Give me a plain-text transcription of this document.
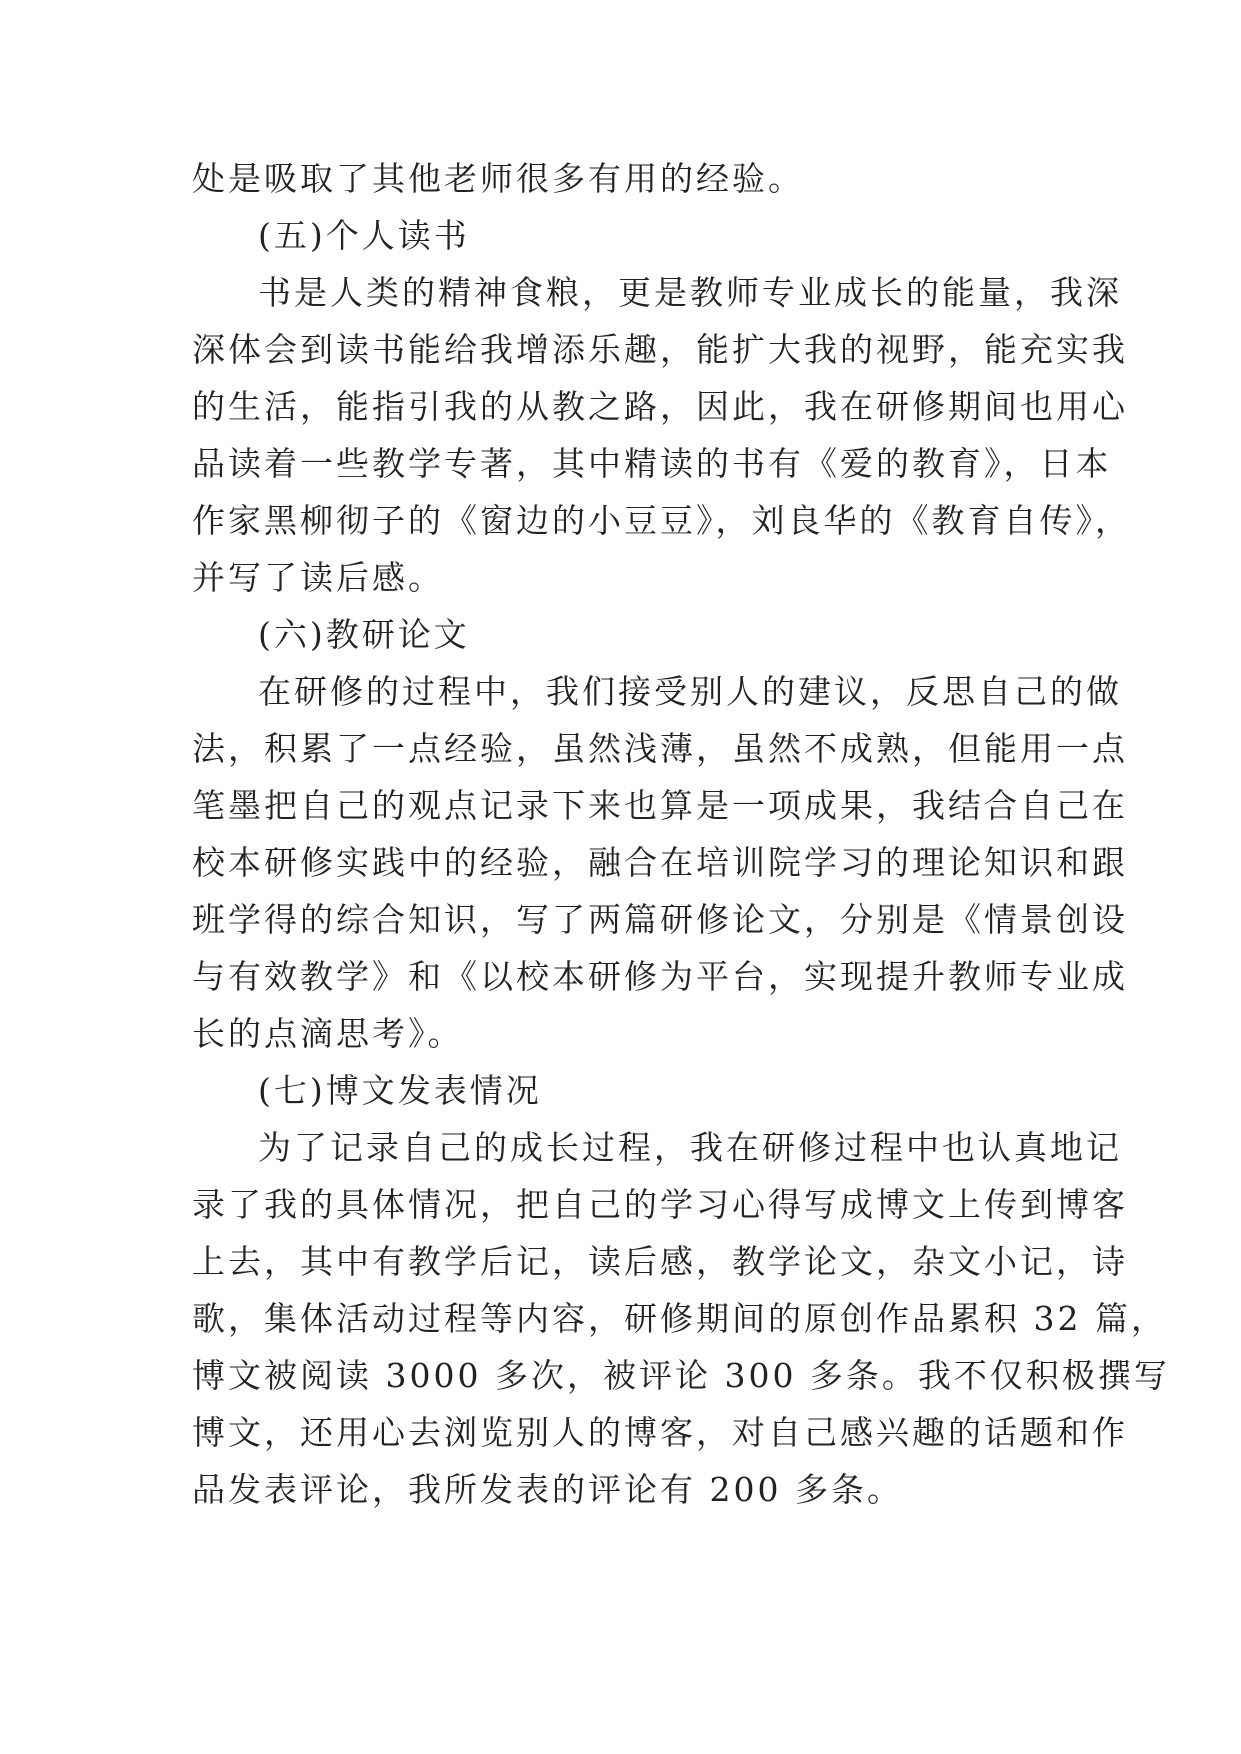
处是吸取了其他老师很多有用的经验。
(五)个人读书
书是人类的精神食粮，更是教师专业成长的能量，我深
深体会到读书能给我增添乐趣，能扩大我的视野，能充实我
的生活，能指引我的从教之路，因此，我在研修期间也用心
品读着一些教学专著，其中精读的书有《爱的教育》，日本
作家黑柳彻子的《窗边的小豆豆》，刘良华的《教育自传》，
并写了读后感。
(六)教研论文
在研修的过程中，我们接受别人的建议，反思自己的做
法，积累了一点经验，虽然浅薄，虽然不成熟，但能用一点
笔墨把自己的观点记录下来也算是一项成果，我结合自己在
校本研修实践中的经验，融合在培训院学习的理论知识和跟
班学得的综合知识，写了两篇研修论文，分别是《情景创设
与有效教学》和《以校本研修为平台，实现提升教师专业成
长的点滴思考》。
(七)博文发表情况
为了记录自己的成长过程，我在研修过程中也认真地记
录了我的具体情况，把自己的学习心得写成博文上传到博客
上去，其中有教学后记，读后感，教学论文，杂文小记，诗
歌，集体活动过程等内容，研修期间的原创作品累积 32 篇，
博文被阅读 3000 多次，被评论 300 多条。我不仅积极撰写
博文，还用心去浏览别人的博客，对自己感兴趣的话题和作
品发表评论，我所发表的评论有 200 多条。
